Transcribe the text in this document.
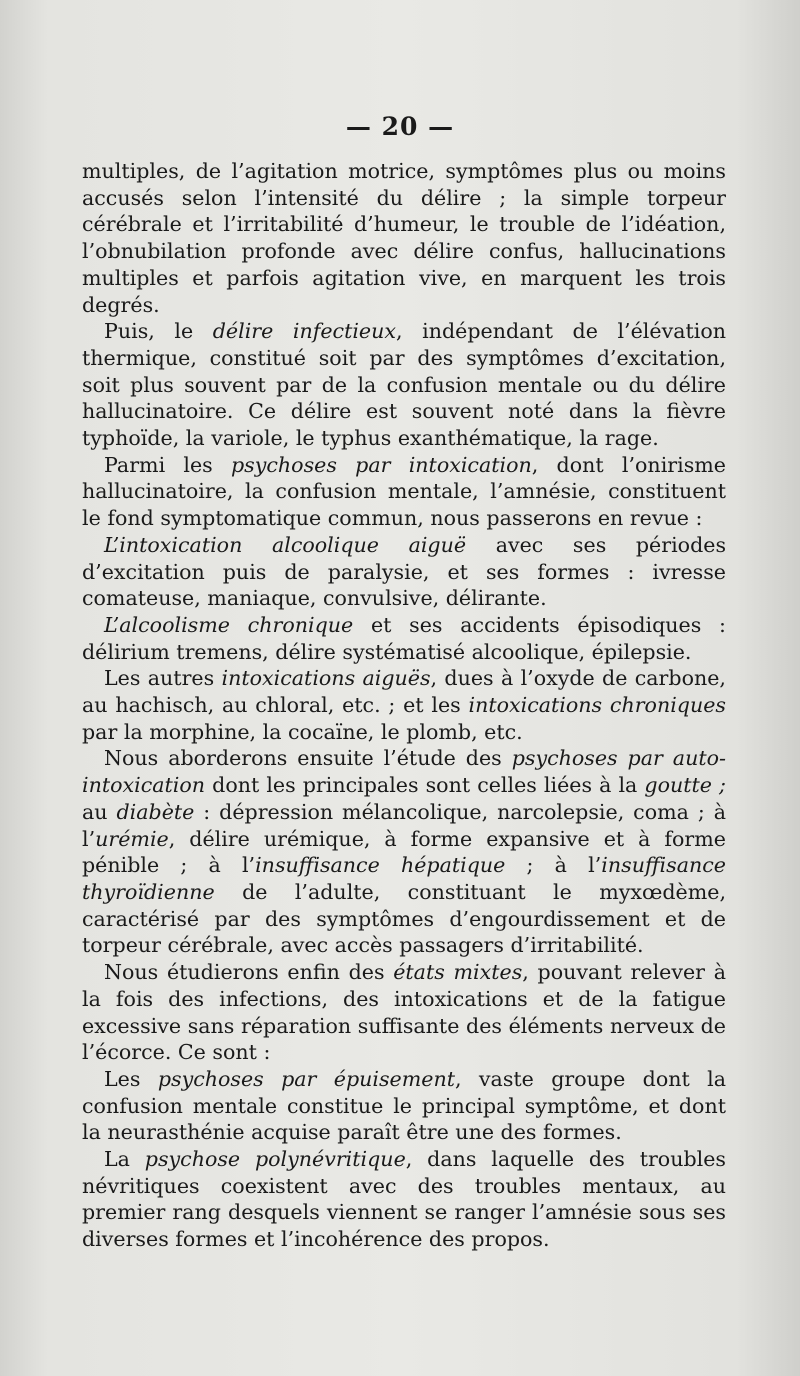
— 20 —

multiples, de l’agitation motrice, symptômes plus ou moins accusés selon l’intensité du délire ; la simple torpeur cérébrale et l’irritabilité d’humeur, le trouble de l’idéation, l’obnubilation profonde avec délire confus, hallucinations multiples et parfois agitation vive, en marquent les trois degrés.

Puis, le délire infectieux, indépendant de l’élévation thermique, constitué soit par des symptômes d’excitation, soit plus souvent par de la confusion mentale ou du délire hallucinatoire. Ce délire est souvent noté dans la fièvre typhoïde, la variole, le typhus exanthématique, la rage.

Parmi les psychoses par intoxication, dont l’onirisme hallucinatoire, la confusion mentale, l’amnésie, constituent le fond symptomatique commun, nous passerons en revue :

L’intoxication alcoolique aiguë avec ses périodes d’excitation puis de paralysie, et ses formes : ivresse comateuse, maniaque, convulsive, délirante.

L’alcoolisme chronique et ses accidents épisodiques : délirium tremens, délire systématisé alcoolique, épilepsie.

Les autres intoxications aiguës, dues à l’oxyde de carbone, au hachisch, au chloral, etc. ; et les intoxications chroniques par la morphine, la cocaïne, le plomb, etc.

Nous aborderons ensuite l’étude des psychoses par auto-intoxication dont les principales sont celles liées à la goutte ; au diabète : dépression mélancolique, narcolepsie, coma ; à l’urémie, délire urémique, à forme expansive et à forme pénible ; à l’insuffisance hépatique ; à l’insuffisance thyroïdienne de l’adulte, constituant le myxœdème, caractérisé par des symptômes d’engourdissement et de torpeur cérébrale, avec accès passagers d’irritabilité.

Nous étudierons enfin des états mixtes, pouvant relever à la fois des infections, des intoxications et de la fatigue excessive sans réparation suffisante des éléments nerveux de l’écorce. Ce sont :

Les psychoses par épuisement, vaste groupe dont la confusion mentale constitue le principal symptôme, et dont la neurasthénie acquise paraît être une des formes.

La psychose polynévritique, dans laquelle des troubles névritiques coexistent avec des troubles mentaux, au premier rang desquels viennent se ranger l’amnésie sous ses diverses formes et l’incohérence des propos.
